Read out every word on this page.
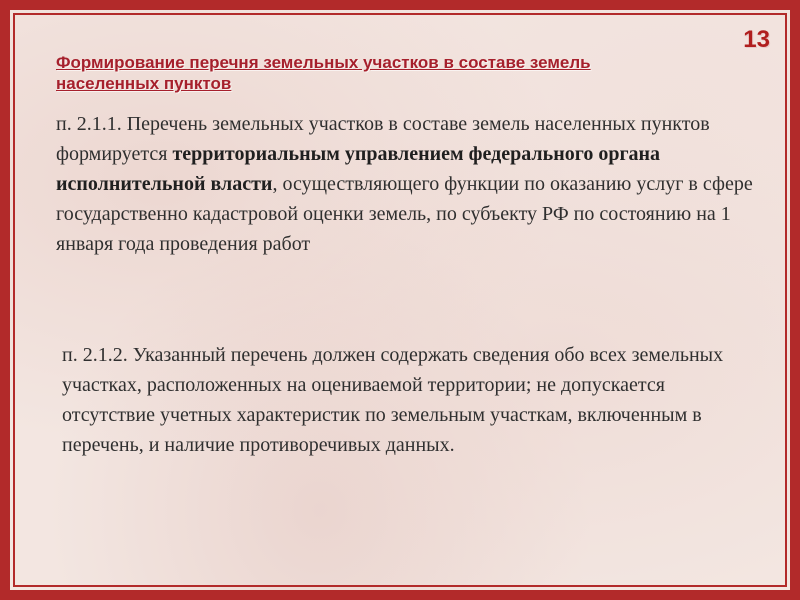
13
Формирование перечня земельных участков в составе земель населенных пунктов
п. 2.1.1. Перечень земельных участков в составе земель населенных пунктов формируется территориальным управлением федерального органа исполнительной власти, осуществляющего функции по оказанию услуг в сфере государственно кадастровой оценки земель, по субъекту РФ по состоянию на 1 января года проведения работ
п. 2.1.2. Указанный перечень должен содержать сведения обо всех земельных участках, расположенных на оцениваемой территории; не допускается отсутствие учетных характеристик по земельным участкам, включенным в перечень, и наличие противоречивых данных.
